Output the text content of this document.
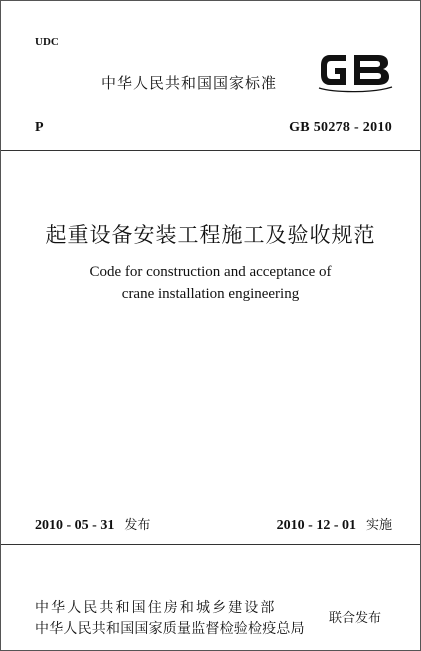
UDC
中华人民共和国国家标准
P	GB 50278 - 2010
起重设备安装工程施工及验收规范
Code for construction and acceptance of
crane installation engineering
2010 - 05 - 31 发布	2010 - 12 - 01 实施
中华人民共和国住房和城乡建设部
中华人民共和国国家质量监督检验检疫总局
联合发布
